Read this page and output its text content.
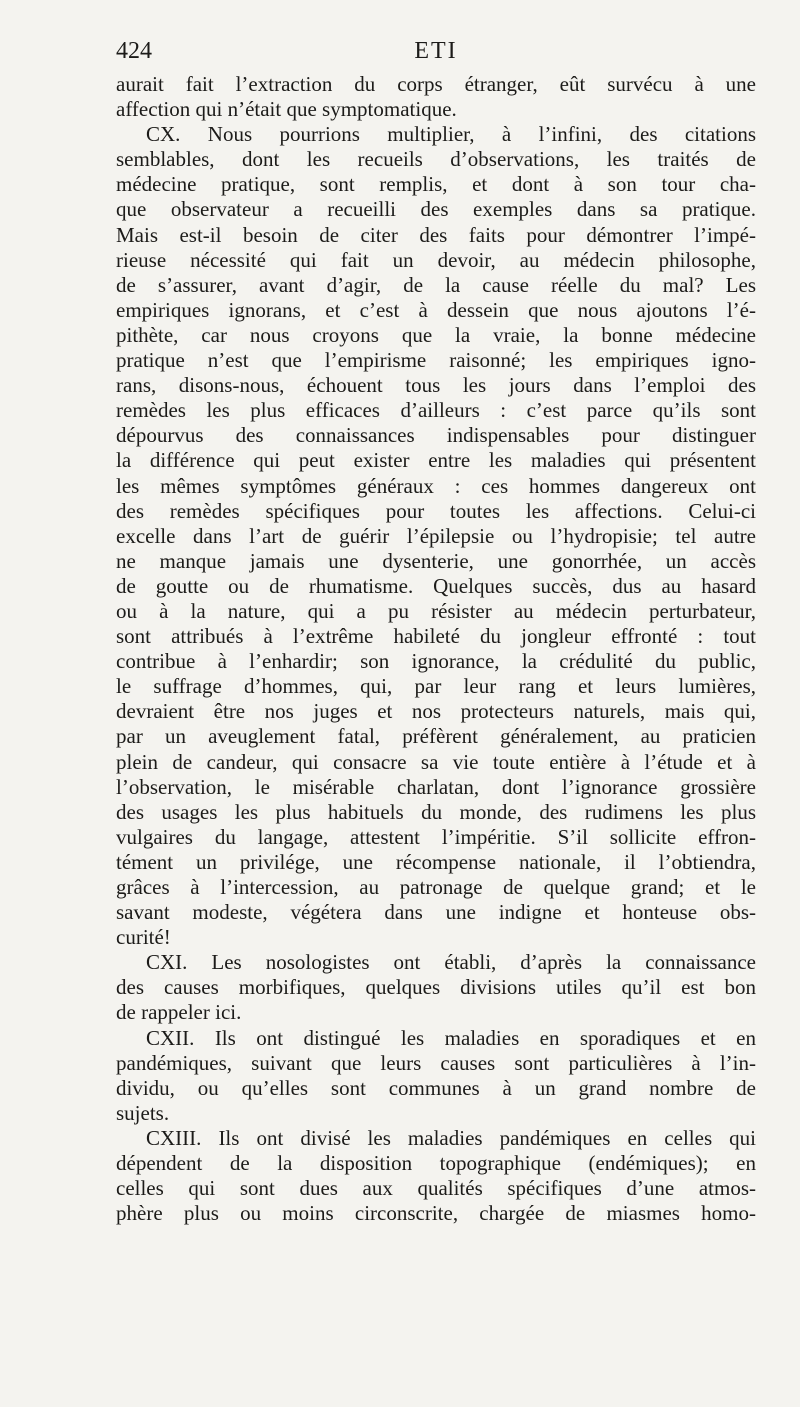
424	ETI
aurait fait l’extraction du corps étranger, eût survécu à une
affection qui n’était que symptomatique.
CX. Nous pourrions multiplier, à l’infini, des citations
semblables, dont les recueils d’observations, les traités de
médecine pratique, sont remplis, et dont à son tour cha-
que observateur a recueilli des exemples dans sa pratique.
Mais est-il besoin de citer des faits pour démontrer l’impé-
rieuse nécessité qui fait un devoir, au médecin philosophe,
de s’assurer, avant d’agir, de la cause réelle du mal? Les
empiriques ignorans, et c’est à dessein que nous ajoutons l’é-
pithète, car nous croyons que la vraie, la bonne médecine
pratique n’est que l’empirisme raisonné; les empiriques igno-
rans, disons-nous, échouent tous les jours dans l’emploi des
remèdes les plus efficaces d’ailleurs : c’est parce qu’ils sont
dépourvus des connaissances indispensables pour distinguer
la différence qui peut exister entre les maladies qui présentent
les mêmes symptômes généraux : ces hommes dangereux ont
des remèdes spécifiques pour toutes les affections. Celui-ci
excelle dans l’art de guérir l’épilepsie ou l’hydropisie; tel autre
ne manque jamais une dysenterie, une gonorrhée, un accès
de goutte ou de rhumatisme. Quelques succès, dus au hasard
ou à la nature, qui a pu résister au médecin perturbateur,
sont attribués à l’extrême habileté du jongleur effronté : tout
contribue à l’enhardir; son ignorance, la crédulité du public,
le suffrage d’hommes, qui, par leur rang et leurs lumières,
devraient être nos juges et nos protecteurs naturels, mais qui,
par un aveuglement fatal, préfèrent généralement, au praticien
plein de candeur, qui consacre sa vie toute entière à l’étude et à
l’observation, le misérable charlatan, dont l’ignorance grossière
des usages les plus habituels du monde, des rudimens les plus
vulgaires du langage, attestent l’impéritie. S’il sollicite effron-
tément un privilége, une récompense nationale, il l’obtiendra,
grâces à l’intercession, au patronage de quelque grand; et le
savant modeste, végétera dans une indigne et honteuse obs-
curité!
CXI. Les nosologistes ont établi, d’après la connaissance
des causes morbifiques, quelques divisions utiles qu’il est bon
de rappeler ici.
CXII. Ils ont distingué les maladies en sporadiques et en
pandémiques, suivant que leurs causes sont particulières à l’in-
dividu, ou qu’elles sont communes à un grand nombre de
sujets.
CXIII. Ils ont divisé les maladies pandémiques en celles qui
dépendent de la disposition topographique (endémiques); en
celles qui sont dues aux qualités spécifiques d’une atmos-
phère plus ou moins circonscrite, chargée de miasmes homo-
